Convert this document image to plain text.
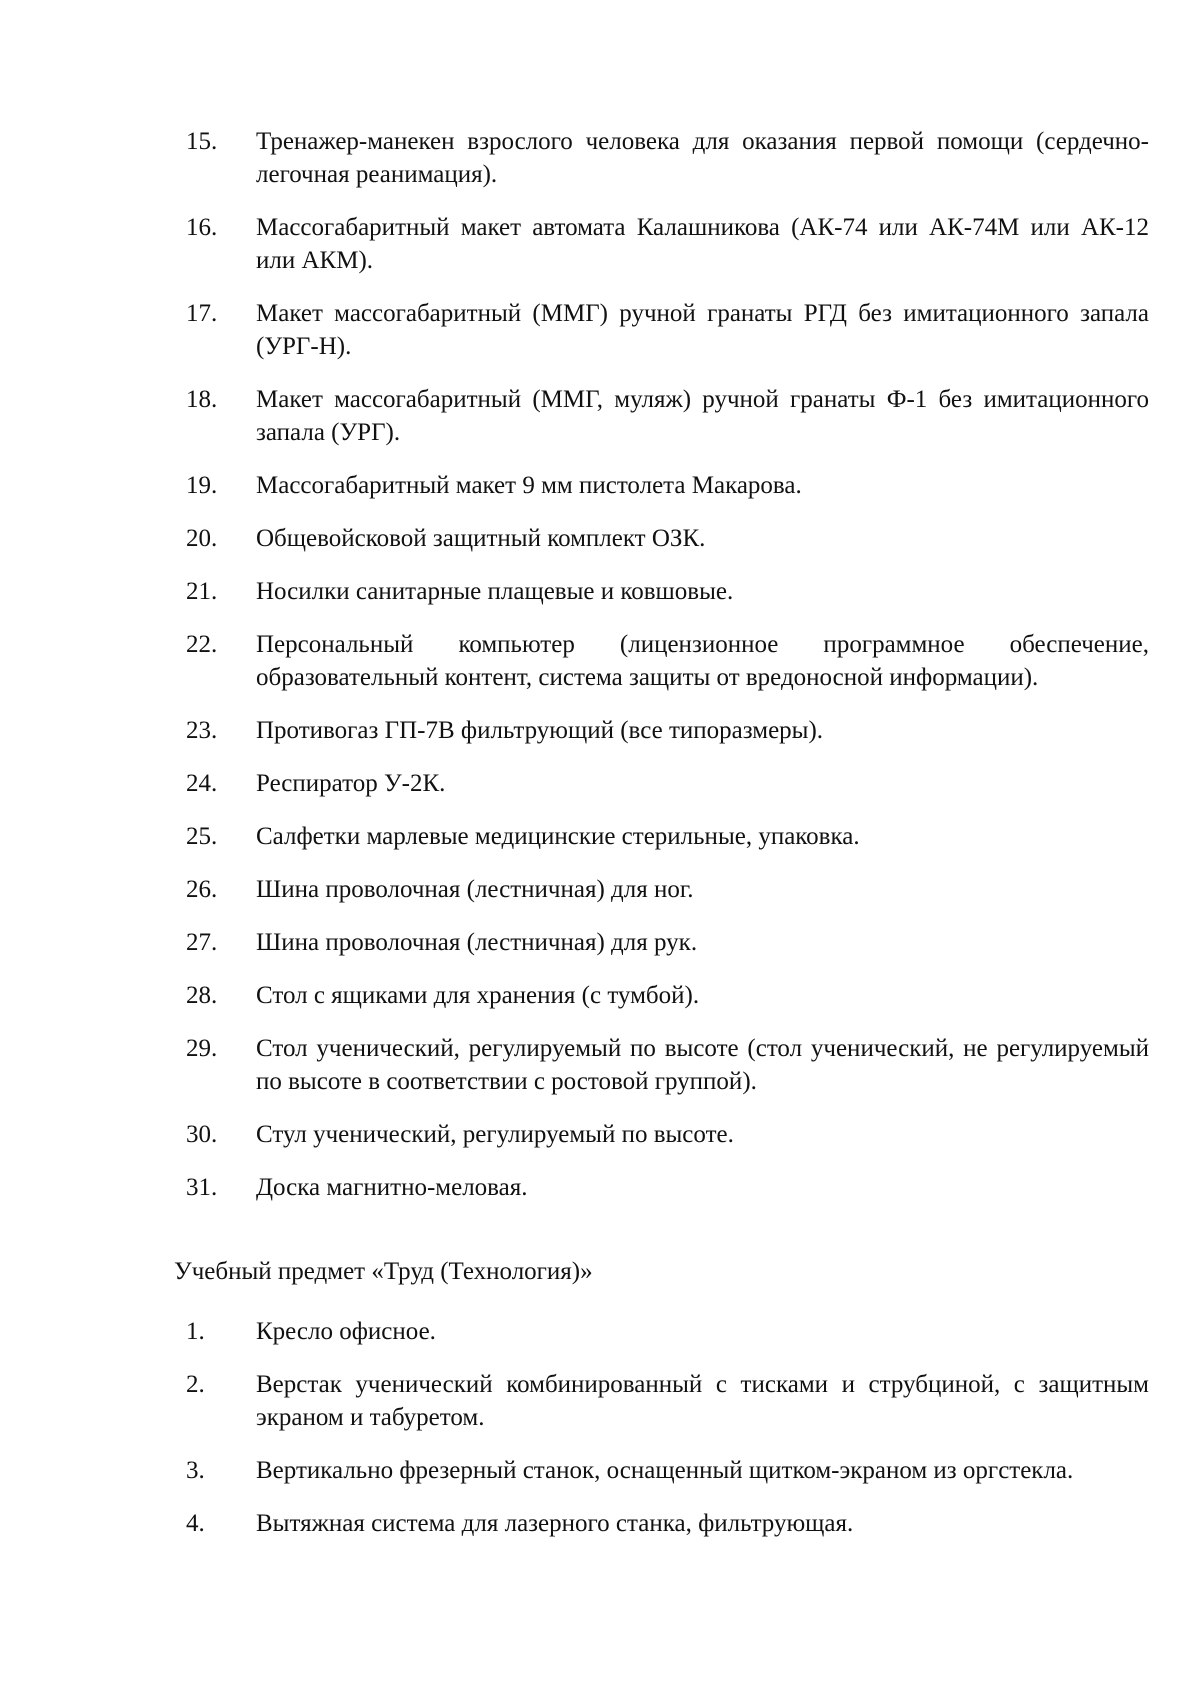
15.	Тренажер-манекен взрослого человека для оказания первой помощи (сердечно-легочная реанимация).
16.	Массогабаритный макет автомата Калашникова (АК-74 или АК-74М или АК-12 или АКМ).
17.	Макет массогабаритный (ММГ) ручной гранаты РГД без имитационного запала (УРГ-Н).
18.	Макет массогабаритный (ММГ, муляж) ручной гранаты Ф-1 без имитационного запала (УРГ).
19.	Массогабаритный макет 9 мм пистолета Макарова.
20.	Общевойсковой защитный комплект ОЗК.
21.	Носилки санитарные плащевые и ковшовые.
22.	Персональный компьютер (лицензионное программное обеспечение, образовательный контент, система защиты от вредоносной информации).
23.	Противогаз ГП-7В фильтрующий (все типоразмеры).
24.	Респиратор У-2К.
25.	Салфетки марлевые медицинские стерильные, упаковка.
26.	Шина проволочная (лестничная) для ног.
27.	Шина проволочная (лестничная) для рук.
28.	Стол с ящиками для хранения (с тумбой).
29.	Стол ученический, регулируемый по высоте (стол ученический, не регулируемый по высоте в соответствии с ростовой группой).
30.	Стул ученический, регулируемый по высоте.
31.	Доска магнитно-меловая.
Учебный предмет «Труд (Технология)»
1.	Кресло офисное.
2.	Верстак ученический комбинированный с тисками и струбциной, с защитным экраном и табуретом.
3.	Вертикально фрезерный станок, оснащенный щитком-экраном из оргстекла.
4.	Вытяжная система для лазерного станка, фильтрующая.
